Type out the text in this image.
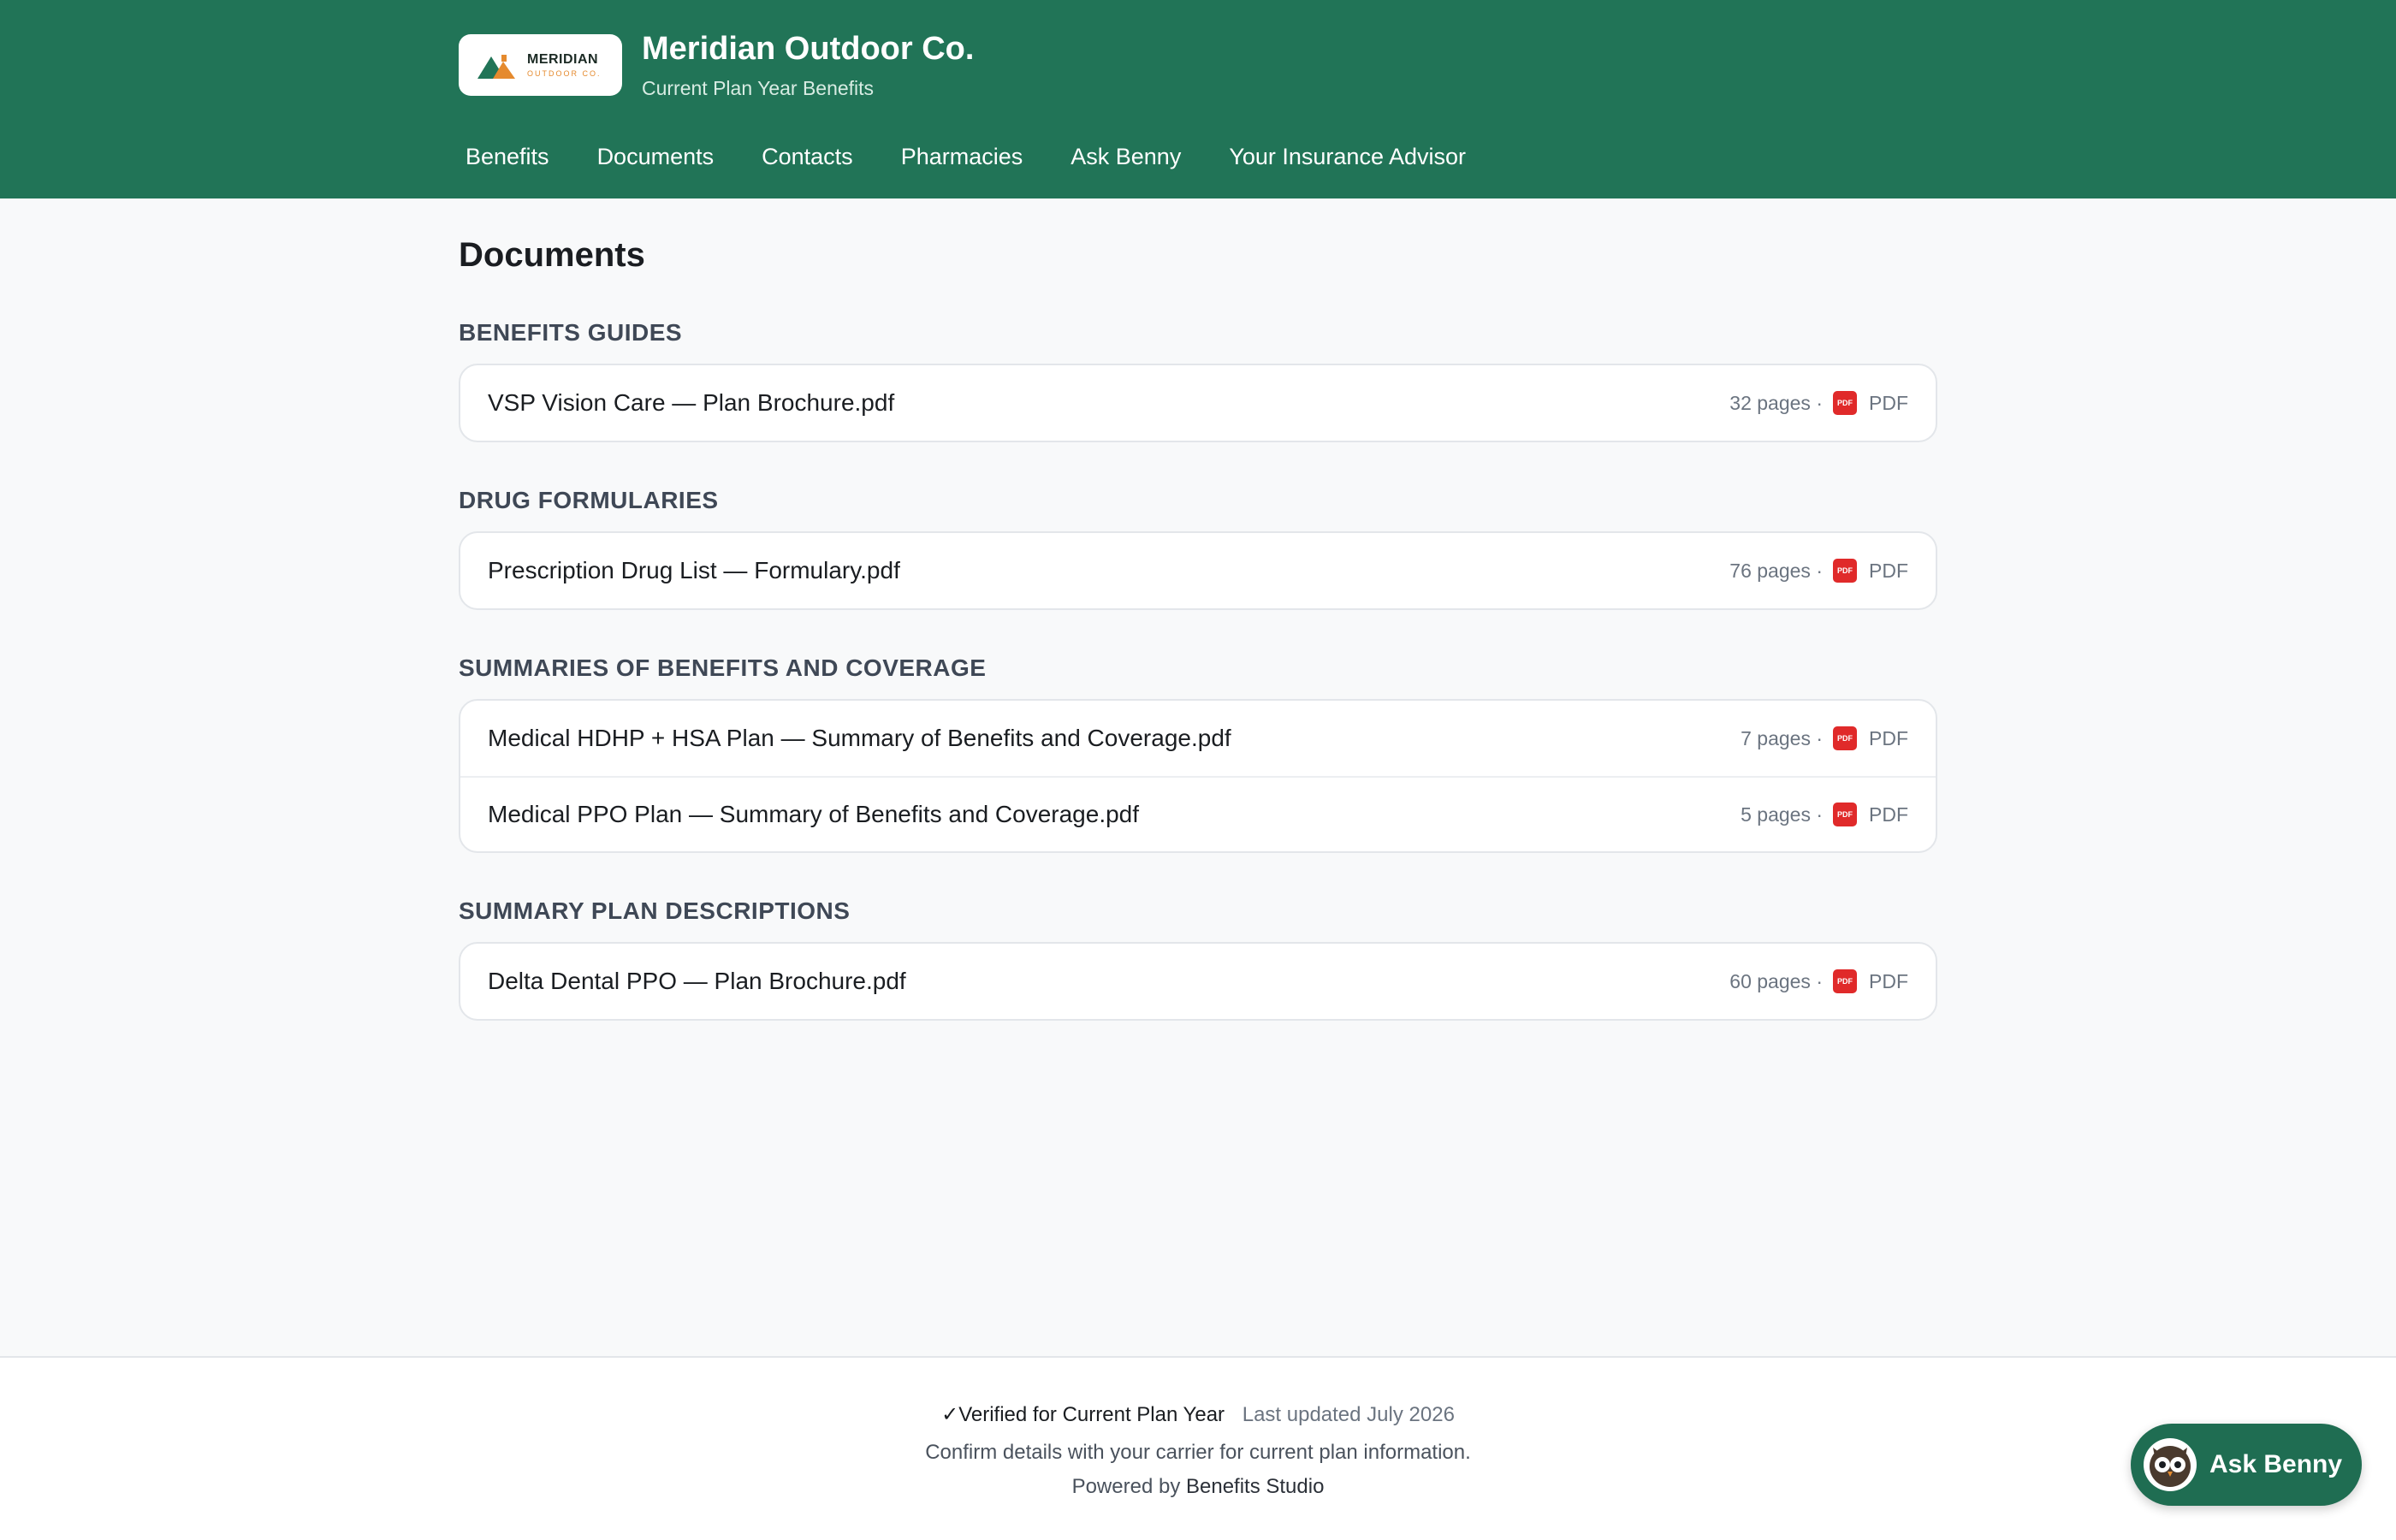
MERIDIAN
OUTDOOR CO.
Meridian Outdoor Co.
Current Plan Year Benefits
Benefits Documents Contacts Pharmacies Ask Benny Your Insurance Advisor
Documents
BENEFITS GUIDES
VSP Vision Care — Plan Brochure.pdf	32 pages ·	PDF PDF
DRUG FORMULARIES
Prescription Drug List — Formulary.pdf	76 pages ·	PDF PDF
SUMMARIES OF BENEFITS AND COVERAGE
Medical HDHP + HSA Plan — Summary of Benefits and Coverage.pdf	7 pages ·	PDF PDF
Medical PPO Plan — Summary of Benefits and Coverage.pdf	5 pages ·	PDF PDF
SUMMARY PLAN DESCRIPTIONS
Delta Dental PPO — Plan Brochure.pdf	60 pages ·	PDF PDF
✓Verified for Current Plan Year Last updated July 2026
Confirm details with your carrier for current plan information.
Powered by Benefits Studio
Ask Benny
